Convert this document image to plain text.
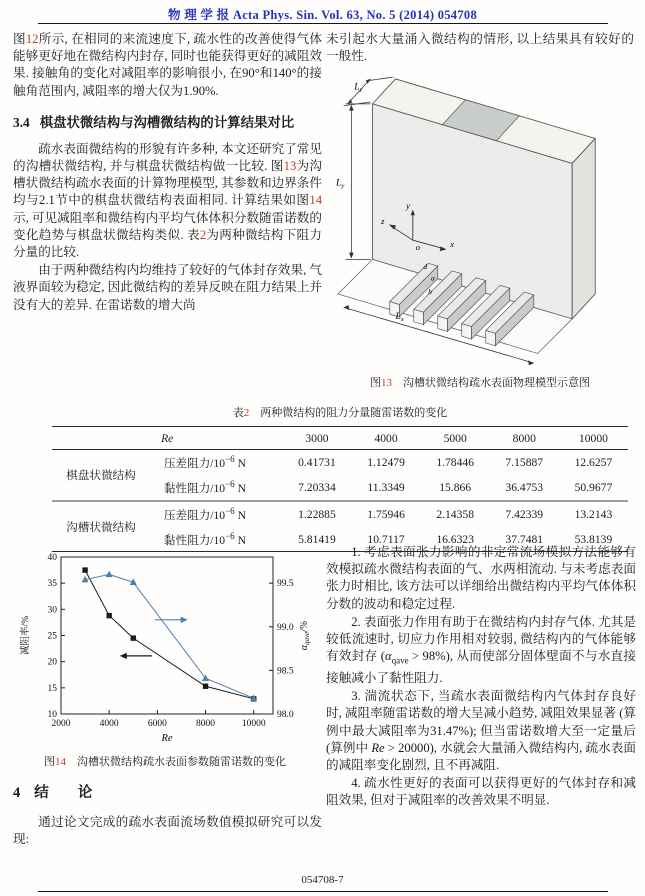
物 理 学 报 Acta Phys. Sin. Vol. 63, No. 5 (2014) 054708

图12所示, 在相同的来流速度下, 疏水性的改善使得气体能够更好地在微结构内封存, 同时也能获得更好的减阻效果. 接触角的变化对减阻率的影响很小, 在90°和140°的接触角范围内, 减阻率的增大仅为1.90%.

3.4 棋盘状微结构与沟槽微结构的计算结果对比

疏水表面微结构的形貌有许多种, 本文还研究了常见的沟槽状微结构, 并与棋盘状微结构做一比较. 图13为沟槽状微结构疏水表面的计算物理模型, 其参数和边界条件均与2.1节中的棋盘状微结构表面相同. 计算结果如图14示, 可见减阻率和微结构内平均气体体积分数随雷诺数的变化趋势与棋盘状微结构类似. 表2为两种微结构下阻力分量的比较.

由于两种微结构内均维持了较好的气体封存效果, 气液界面较为稳定, 因此微结构的差异反映在阻力结果上并没有大的差异. 在雷诺数的增大尚

未引起水大量涌入微结构的情形, 以上结果具有较好的一般性.

$L_z$
$L_y$
$L_x$
y
x
z
o
d
a
h
图13　沟槽状微结构疏水表面物理模型示意图
表2　两种微结构的阻力分量随雷诺数的变化
Re		3000	4000	5000	8000	10000
棋盘状微结构	压差阻力$/10^{-6}$ N	0.41731	1.12479	1.78446	7.15887	12.6257
	黏性阻力$/10^{-6}$ N	7.20334	11.3349	15.866	36.4753	50.9677
沟槽状微结构	压差阻力$/10^{-6}$ N	1.22885	1.75946	2.14358	7.42339	13.2143
	黏性阻力$/10^{-6}$ N	5.81419	10.7117	16.6323	37.7481	53.8139
2000	4000	6000	8000	10000
10
15
20
25
30
35
40
98.0
98.5
99.0
99.5
Re
减阻率/%	$\alpha_{qave}/\%$
图14　沟槽状微结构疏水表面参数随雷诺数的变化
4 结　　论

通过论文完成的疏水表面流场数值模拟研究可以发现:

1. 考虑表面张力影响的非定常流场模拟方法能够有效模拟疏水微结构表面的气、水两相流动. 与未考虑表面张力时相比, 该方法可以详细给出微结构内平均气体体积分数的波动和稳定过程.

2. 表面张力作用有助于在微结构内封存气体. 尤其是较低流速时, 切应力作用相对较弱, 微结构内的气体能够有效封存 $(\alpha_{qave} > 98\%)$, 从而使部分固体壁面不与水直接接触减小了黏性阻力.

3. 湍流状态下, 当疏水表面微结构内气体封存良好时, 减阻率随雷诺数的增大呈减小趋势, 减阻效果显著 (算例中最大减阻率为31.47%); 但当雷诺数增大至一定量后 (算例中 Re > 20000), 水就会大量涌入微结构内, 疏水表面的减阻率变化剧烈, 且不再减阻.

4. 疏水性更好的表面可以获得更好的气体封存和减阻效果, 但对于减阻率的改善效果不明显.

054708-7
